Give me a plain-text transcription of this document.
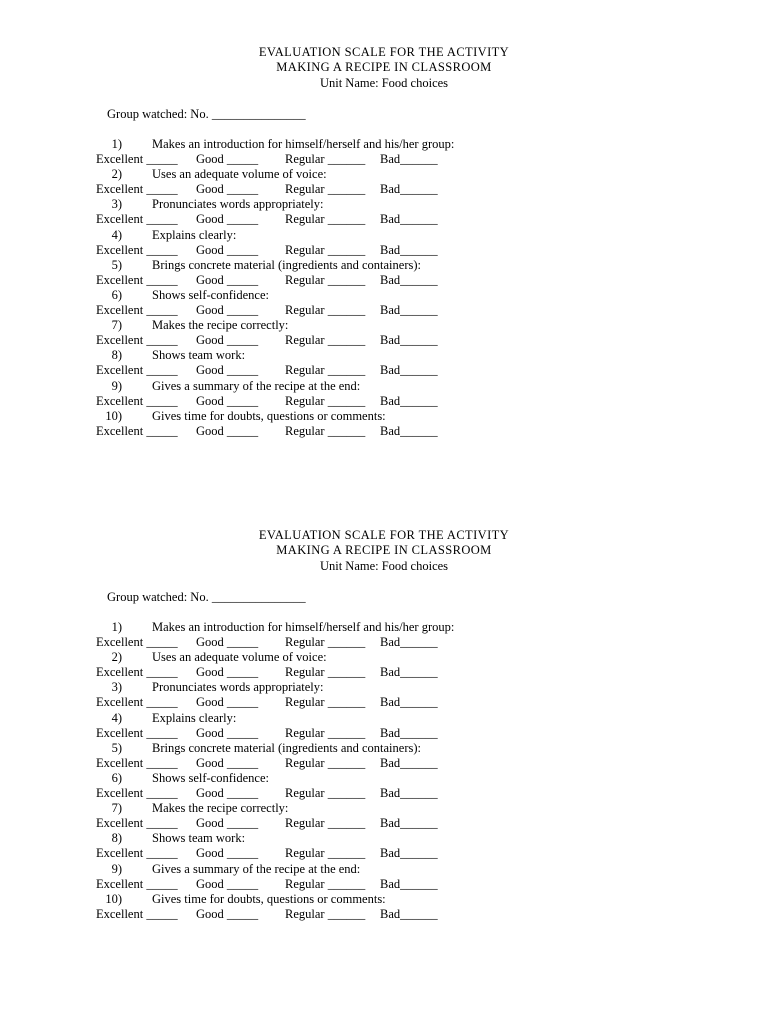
EVALUATION SCALE FOR THE ACTIVITY
MAKING A RECIPE IN CLASSROOM
Unit Name: Food choices
Group watched: No. _______________
1) Makes an introduction for himself/herself and his/her group:
Excellent _____ Good _____ Regular ______ Bad______
2) Uses an adequate volume of voice:
Excellent _____ Good _____ Regular ______ Bad______
3) Pronunciates words appropriately:
Excellent _____ Good _____ Regular ______ Bad______
4) Explains clearly:
Excellent _____ Good _____ Regular ______ Bad______
5) Brings concrete material (ingredients and containers):
Excellent _____ Good _____ Regular ______ Bad______
6) Shows self-confidence:
Excellent _____ Good _____ Regular ______ Bad______
7) Makes the recipe correctly:
Excellent _____ Good _____ Regular ______ Bad______
8) Shows team work:
Excellent _____ Good _____ Regular ______ Bad______
9) Gives a summary of the recipe at the end:
Excellent _____ Good _____ Regular ______ Bad______
10) Gives time for doubts, questions or comments:
Excellent _____ Good _____ Regular ______ Bad______
EVALUATION SCALE FOR THE ACTIVITY
MAKING A RECIPE IN CLASSROOM
Unit Name: Food choices
Group watched: No. _______________
1) Makes an introduction for himself/herself and his/her group:
Excellent _____ Good _____ Regular ______ Bad______
2) Uses an adequate volume of voice:
Excellent _____ Good _____ Regular ______ Bad______
3) Pronunciates words appropriately:
Excellent _____ Good _____ Regular ______ Bad______
4) Explains clearly:
Excellent _____ Good _____ Regular ______ Bad______
5) Brings concrete material (ingredients and containers):
Excellent _____ Good _____ Regular ______ Bad______
6) Shows self-confidence:
Excellent _____ Good _____ Regular ______ Bad______
7) Makes the recipe correctly:
Excellent _____ Good _____ Regular ______ Bad______
8) Shows team work:
Excellent _____ Good _____ Regular ______ Bad______
9) Gives a summary of the recipe at the end:
Excellent _____ Good _____ Regular ______ Bad______
10) Gives time for doubts, questions or comments:
Excellent _____ Good _____ Regular ______ Bad______
